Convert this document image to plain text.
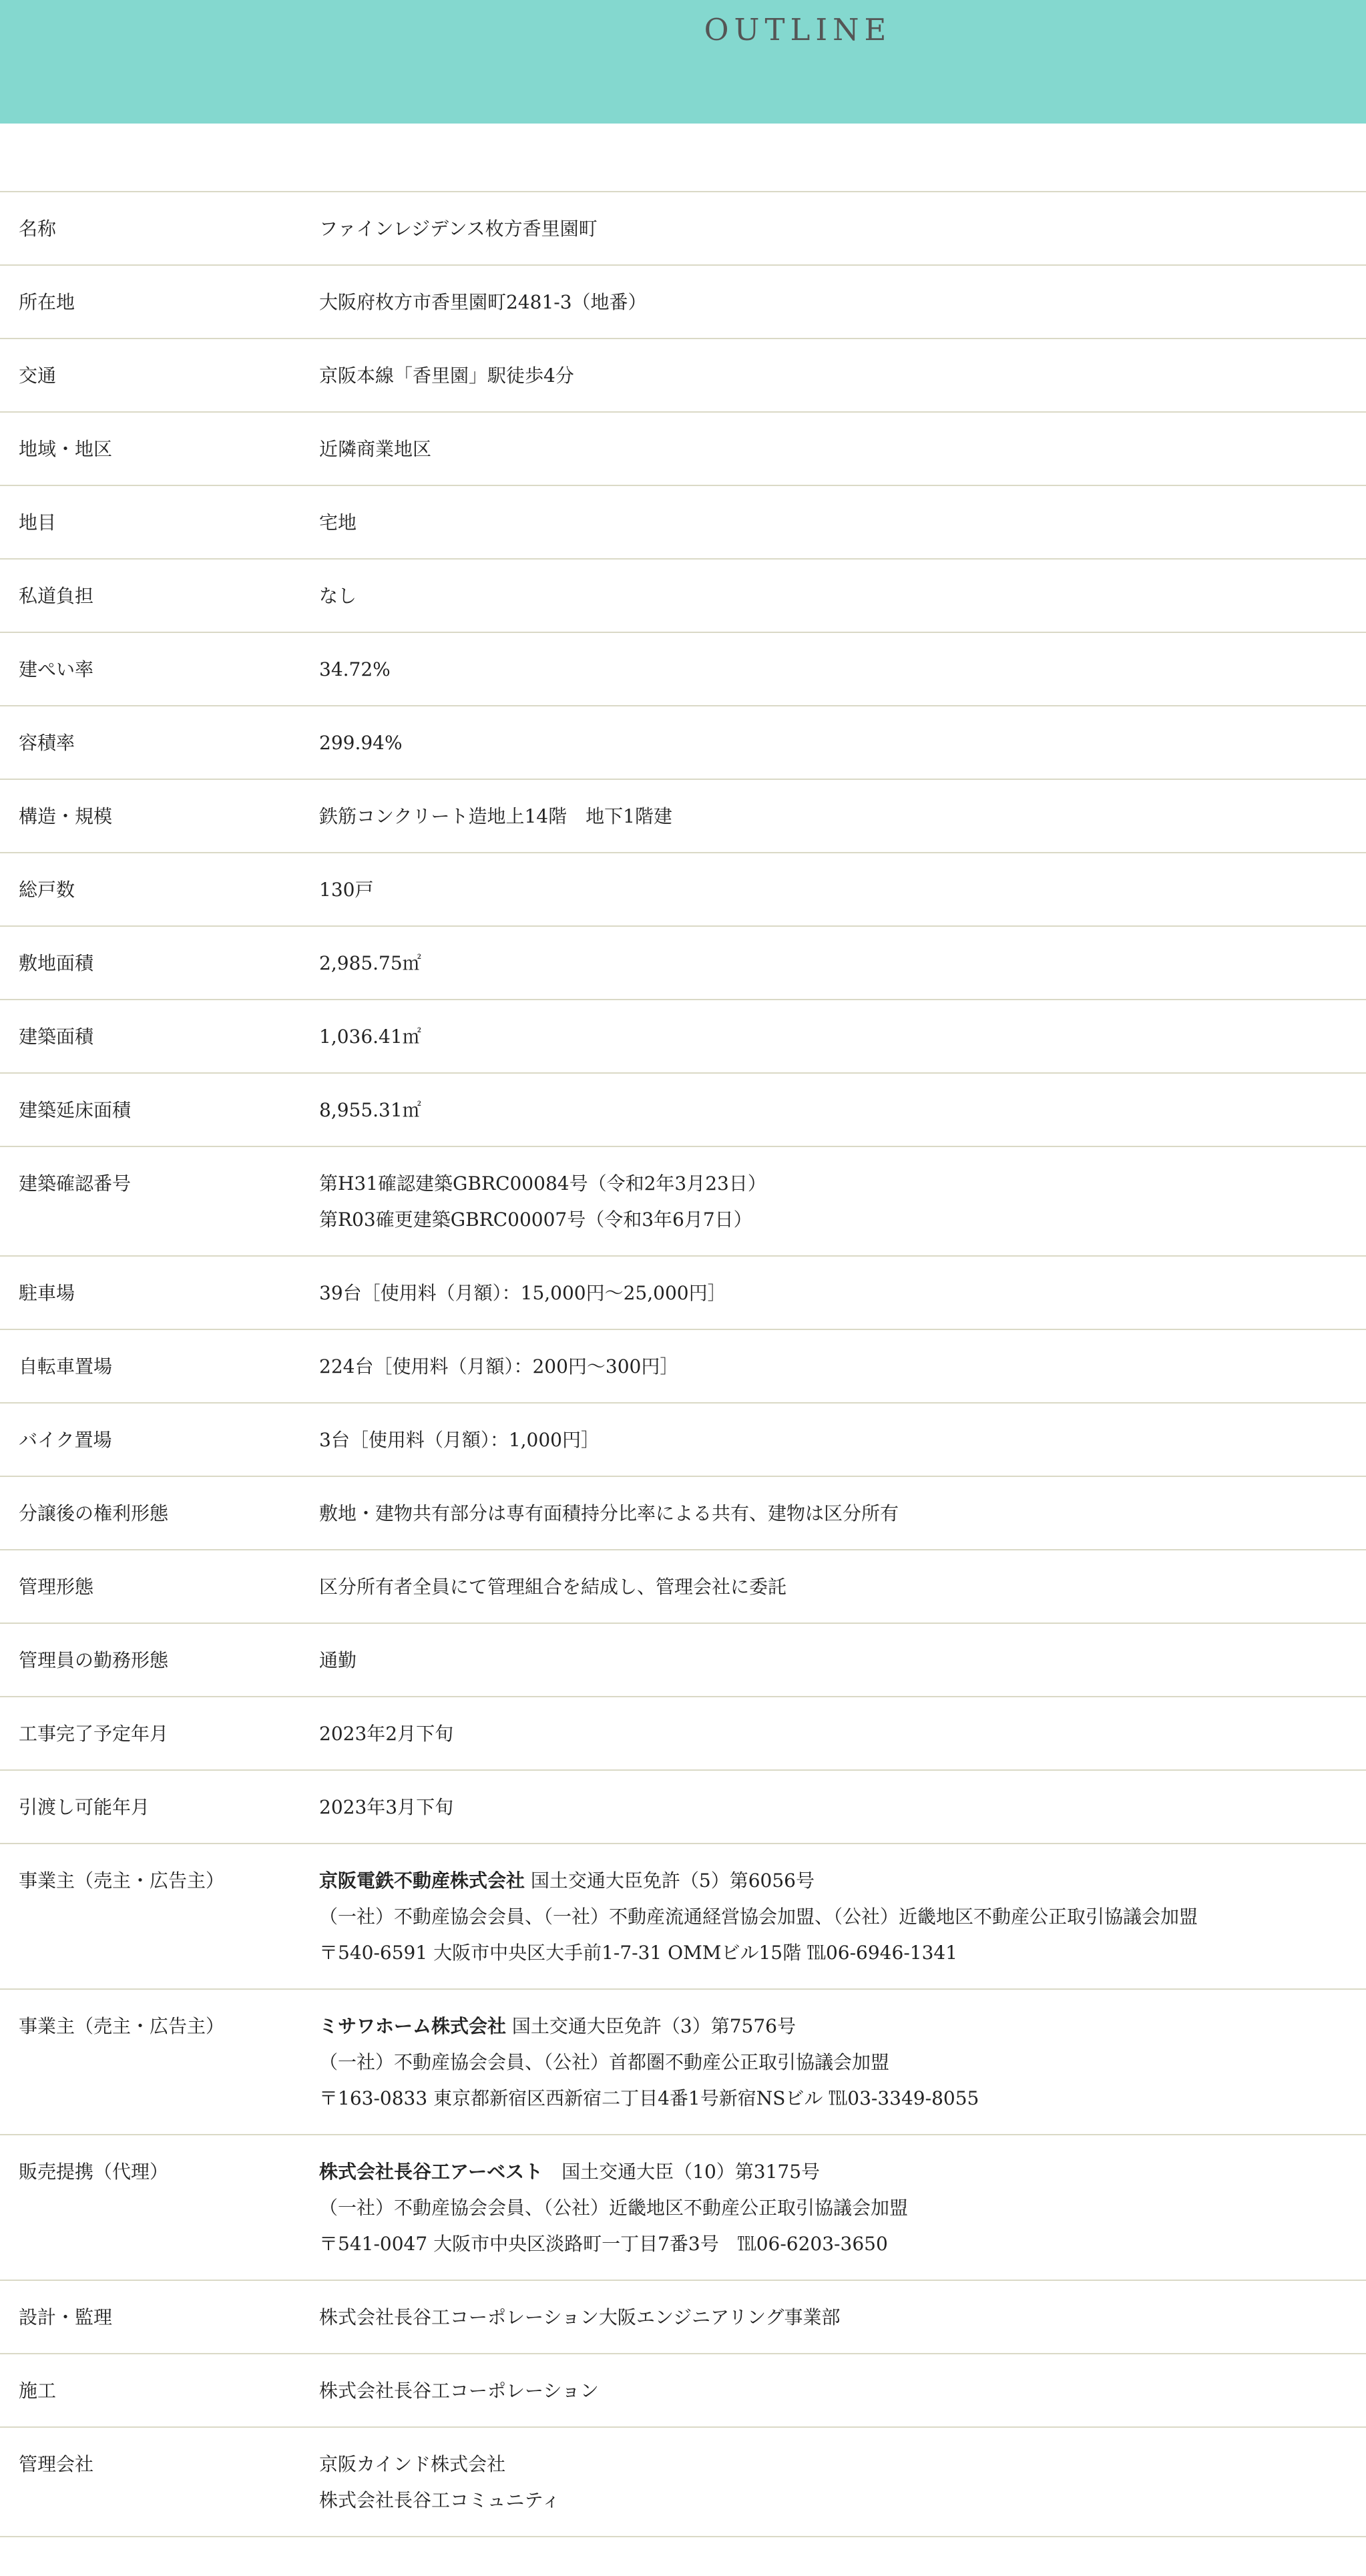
OUTLINE
名称	ファインレジデンス枚方香里園町
所在地	大阪府枚方市香里園町2481-3（地番）
交通	京阪本線「香里園」駅徒歩4分
地域・地区	近隣商業地区
地目	宅地
私道負担	なし
建ぺい率	34.72%
容積率	299.94%
構造・規模	鉄筋コンクリート造地上14階　地下1階建
総戸数	130戸
敷地面積	2,985.75㎡
建築面積	1,036.41㎡
建築延床面積	8,955.31㎡
建築確認番号	第H31確認建築GBRC00084号（令和2年3月23日）
第R03確更建築GBRC00007号（令和3年6月7日）
駐車場	39台［使用料（月額）：15,000円～25,000円］
自転車置場	224台［使用料（月額）：200円～300円］
バイク置場	3台［使用料（月額）：1,000円］
分譲後の権利形態	敷地・建物共有部分は専有面積持分比率による共有、建物は区分所有
管理形態	区分所有者全員にて管理組合を結成し、管理会社に委託
管理員の勤務形態	通勤
工事完了予定年月	2023年2月下旬
引渡し可能年月	2023年3月下旬
事業主（売主・広告主）	京阪電鉄不動産株式会社 国土交通大臣免許（5）第6056号
（一社）不動産協会会員、（一社）不動産流通経営協会加盟、（公社）近畿地区不動産公正取引協議会加盟
〒540-6591 大阪市中央区大手前1‐7‐31 OMMビル15階 ℡06‐6946‐1341
事業主（売主・広告主）	ミサワホーム株式会社 国土交通大臣免許（3）第7576号
（一社）不動産協会会員、（公社）首都圏不動産公正取引協議会加盟
〒163-0833 東京都新宿区西新宿二丁目4番1号新宿NSビル ℡03‐3349‐8055
販売提携（代理）	株式会社長谷工アーベスト　国土交通大臣（10）第3175号
（一社）不動産協会会員、（公社）近畿地区不動産公正取引協議会加盟
〒541-0047 大阪市中央区淡路町一丁目7番3号　℡06‐6203‐3650
設計・監理	株式会社長谷工コーポレーション大阪エンジニアリング事業部
施工	株式会社長谷工コーポレーション
管理会社	京阪カインド株式会社
株式会社長谷工コミュニティ
